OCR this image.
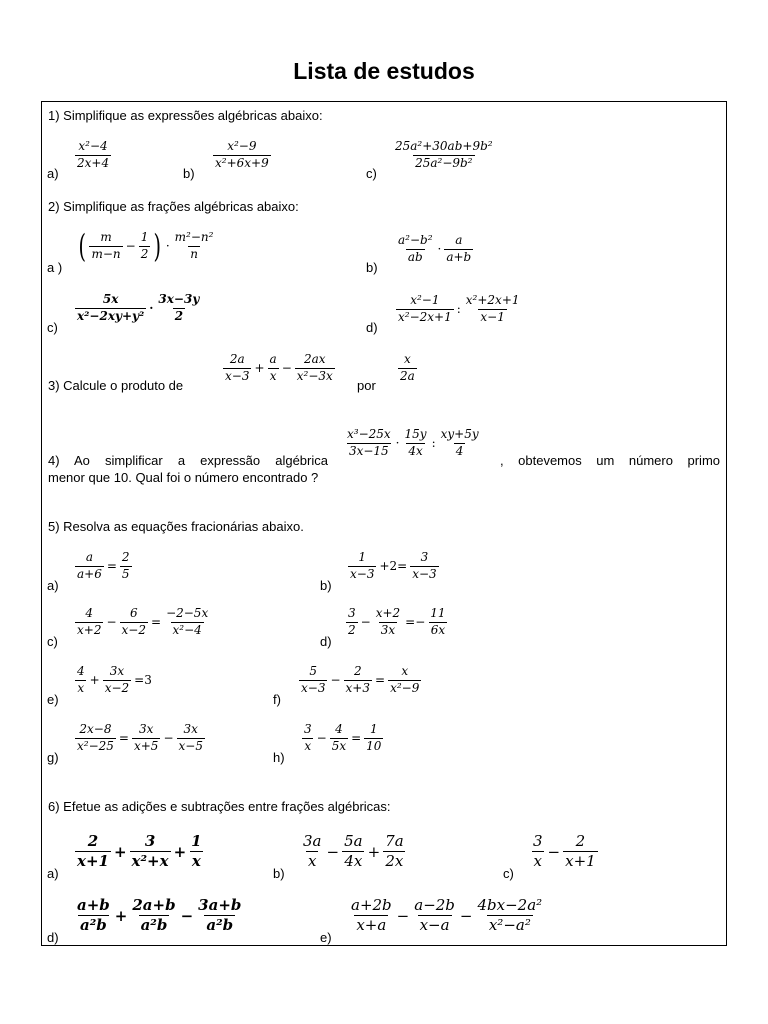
Lista de estudos
1) Simplifique as expressões algébricas abaixo:
a)
x²−4
2x+4
b)
x²−9
x²+6x+9
c)
25a²+30ab+9b²
25a²−9b²
2) Simplifique as frações algébricas abaixo:
a )
( m
m−n
− $\frac{1}{2}$ ) ·
m²−n²
n
b)
a²−b²
ab
·
a
a+b
c)
5x
x²−2xy+y²
·
3x−3y
2
d)
x²−1
x²−2x+1
:
x²+2x+1
x−1
3) Calcule o produto de
2a
x−3
+ $\frac{a}{x} - \frac{2ax}{\text{x²−3x}}$
por
x
2a
x³−25x
3x−15
·
15y
4x
:
xy+5y
4
4) Ao simplificar a expressão algébrica	, obtevemos um número primo
menor que 10. Qual foi o número encontrado ?
5) Resolva as equações fracionárias abaixo.
a)
$\frac{a}{a+6} = \frac{2}{5}$
b)
1
x−3
$+2= \frac{3}{x-3}$
c)
4
x+2
− $\frac{6}{x-2} = \frac{-2-5x}{\text{x²−4}}$
d)
3
2
− $\frac{x+2}{3x} =- \frac{11}{6x}$
e)
4
x
+ $\frac{3x}{x-2} =3$
f)
5
x−3
− $\frac{2}{x+3} = \frac{x}{\text{x²−9}}$
g)
$\frac{2x-8}{\text{x²−25}} = \frac{3x}{x+5} - \frac{3x}{x-5}$
h)
3
x
− $\frac{4}{5x} = \frac{1}{10}$
6) Efetue as adições e subtrações entre frações algébricas:
a)
2
x+1
+ $\frac{3}{\text{x²+x}} + \frac{1}{x}$
b)
3a
x
− $\frac{5a}{4x} + \frac{7a}{2x}$
c)
3
x
− $\frac{2}{x+1}$
d)
a+b
a²b
+ $\frac{2a+b}{\text{a²b}} - \frac{3a+b}{\text{a²b}}$
e)
a+2b
x+a
− $\frac{a-2b}{x-a} - \frac{\text{4bx−2a²}}{\text{x²−a²}}$
